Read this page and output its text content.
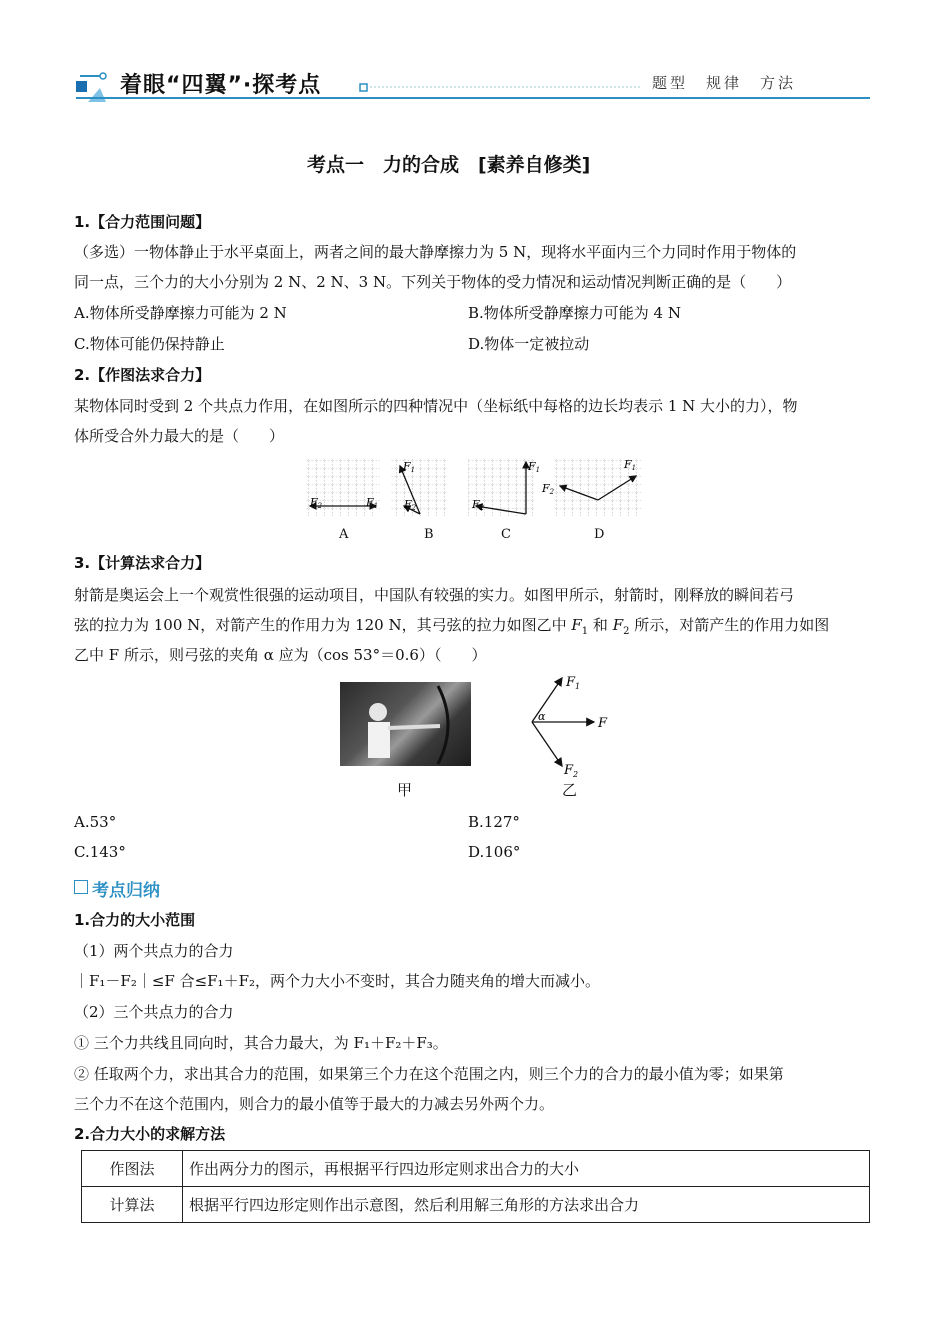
着眼“四翼”·探考点	题型　规律　方法
考点一　力的合成　[素养自修类]
1.【合力范围问题】
（多选）一物体静止于水平桌面上，两者之间的最大静摩擦力为 5 N，现将水平面内三个力同时作用于物体的
同一点，三个力的大小分别为 2 N、2 N、3 N。下列关于物体的受力情况和运动情况判断正确的是（　　）
A.物体所受静摩擦力可能为 2 N	B.物体所受静摩擦力可能为 4 N
C.物体可能仍保持静止	D.物体一定被拉动
2.【作图法求合力】
某物体同时受到 2 个共点力作用，在如图所示的四种情况中（坐标纸中每格的边长均表示 1 N 大小的力），物
体所受合外力最大的是（　　）
F2	F1
F1
F2
F1
F2
F1
F2
A	B	C	D
3.【计算法求合力】
射箭是奥运会上一个观赏性很强的运动项目，中国队有较强的实力。如图甲所示，射箭时，刚释放的瞬间若弓
弦的拉力为 100 N，对箭产生的作用力为 120 N，其弓弦的拉力如图乙中 $F_1$ 和 $F_2$ 所示，对箭产生的作用力如图
乙中 F 所示，则弓弦的夹角 α 应为（cos 53°＝0.6）（　　）
甲
$F_1$
F
$F_2$
α
乙
A.53°	B.127°
C.143°	D.106°
考点归纳
1.合力的大小范围
（1）两个共点力的合力
｜F₁－F₂｜≤F 合≤F₁＋F₂，两个力大小不变时，其合力随夹角的增大而减小。
（2）三个共点力的合力
① 三个力共线且同向时，其合力最大，为 F₁＋F₂＋F₃。
② 任取两个力，求出其合力的范围，如果第三个力在这个范围之内，则三个力的合力的最小值为零；如果第
三个力不在这个范围内，则合力的最小值等于最大的力减去另外两个力。
2.合力大小的求解方法
作图法	作出两分力的图示，再根据平行四边形定则求出合力的大小
计算法	根据平行四边形定则作出示意图，然后利用解三角形的方法求出合力
